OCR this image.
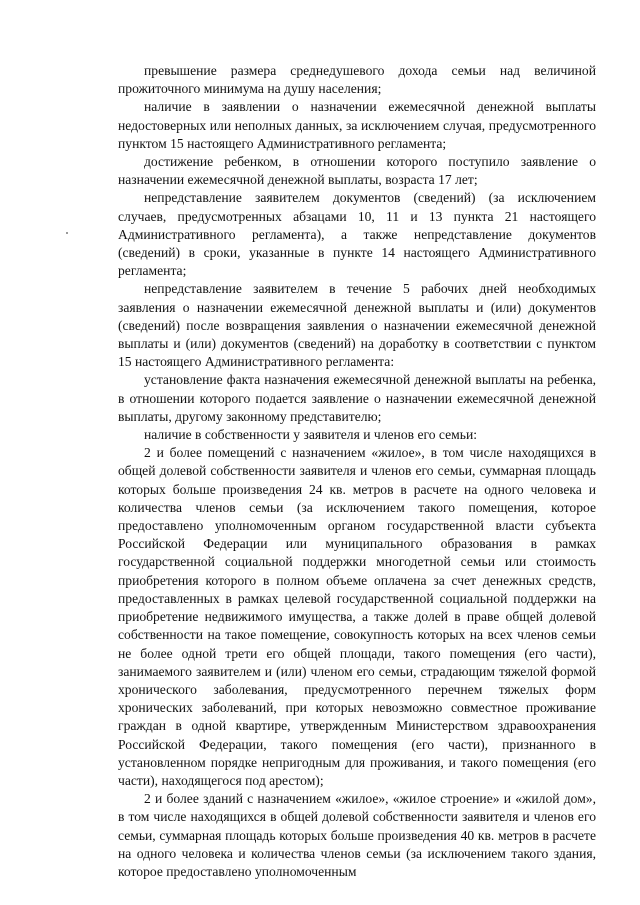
превышение размера среднедушевого дохода семьи над величиной прожиточного минимума на душу населения;

наличие в заявлении о назначении ежемесячной денежной выплаты недостоверных или неполных данных, за исключением случая, предусмотренного пунктом 15 настоящего Административного регламента;

достижение ребенком, в отношении которого поступило заявление о назначении ежемесячной денежной выплаты, возраста 17 лет;

непредставление заявителем документов (сведений) (за исключением случаев, предусмотренных абзацами 10, 11 и 13 пункта 21 настоящего Административного регламента), а также непредставление документов (сведений) в сроки, указанные в пункте 14 настоящего Административного регламента;

непредставление заявителем в течение 5 рабочих дней необходимых заявления о назначении ежемесячной денежной выплаты и (или) документов (сведений) после возвращения заявления о назначении ежемесячной денежной выплаты и (или) документов (сведений) на доработку в соответствии с пунктом 15 настоящего Административного регламента:

установление факта назначения ежемесячной денежной выплаты на ребенка, в отношении которого подается заявление о назначении ежемесячной денежной выплаты, другому законному представителю;

наличие в собственности у заявителя и членов его семьи:

2 и более помещений с назначением «жилое», в том числе находящихся в общей долевой собственности заявителя и членов его семьи, суммарная площадь которых больше произведения 24 кв. метров в расчете на одного человека и количества членов семьи (за исключением такого помещения, которое предоставлено уполномоченным органом государственной власти субъекта Российской Федерации или муниципального образования в рамках государственной социальной поддержки многодетной семьи или стоимость приобретения которого в полном объеме оплачена за счет денежных средств, предоставленных в рамках целевой государственной социальной поддержки на приобретение недвижимого имущества, а также долей в праве общей долевой собственности на такое помещение, совокупность которых на всех членов семьи не более одной трети его общей площади, такого помещения (его части), занимаемого заявителем и (или) членом его семьи, страдающим тяжелой формой хронического заболевания, предусмотренного перечнем тяжелых форм хронических заболеваний, при которых невозможно совместное проживание граждан в одной квартире, утвержденным Министерством здравоохранения Российской Федерации, такого помещения (его части), признанного в установленном порядке непригодным для проживания, и такого помещения (его части), находящегося под арестом);

2 и более зданий с назначением «жилое», «жилое строение» и «жилой дом», в том числе находящихся в общей долевой собственности заявителя и членов его семьи, суммарная площадь которых больше произведения 40 кв. метров в расчете на одного человека и количества членов семьи (за исключением такого здания, которое предоставлено уполномоченным
